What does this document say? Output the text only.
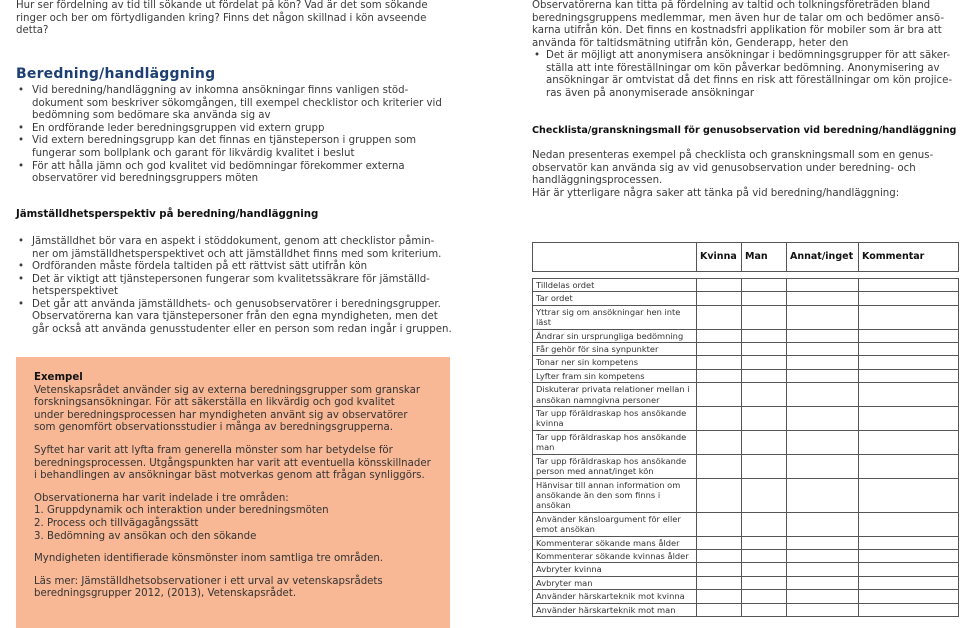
Hur ser fördelning av tid till sökande ut fördelat på kön? Vad är det som sökande

ringer och ber om förtydliganden kring? Finns det någon skillnad i kön avseende

detta?

Beredning/handläggning
• Vid beredning/handläggning av inkomna ansökningar finns vanligen stöd-
dokument som beskriver sökomgången, till exempel checklistor och kriterier vid
bedömning som bedömare ska använda sig av
• En ordförande leder beredningsgruppen vid extern grupp
• Vid extern beredningsgrupp kan det finnas en tjänsteperson i gruppen som
fungerar som bollplank och garant för likvärdig kvalitet i beslut
• För att hålla jämn och god kvalitet vid bedömningar förekommer externa
observatörer vid beredningsgruppers möten
Jämställdhetsperspektiv på beredning/handläggning
• Jämställdhet bör vara en aspekt i stöddokument, genom att checklistor påmin-
ner om jämställdhetsperspektivet och att jämställdhet finns med som kriterium.
• Ordföranden måste fördela taltiden på ett rättvist sätt utifrån kön
• Det är viktigt att tjänstepersonen fungerar som kvalitetssäkrare för jämställd-
hetsperspektivet
• Det går att använda jämställdhets- och genusobservatörer i beredningsgrupper.

Observatörerna kan vara tjänstepersoner från den egna myndigheten, men det

går också att använda genusstudenter eller en person som redan ingår i gruppen.

Exempel

Vetenskapsrådet använder sig av externa beredningsgrupper som granskar

forskningsansökningar. För att säkerställa en likvärdig och god kvalitet

under beredningsprocessen har myndigheten använt sig av observatörer

som genomfört observationsstudier i många av beredningsgrupperna.

Syftet har varit att lyfta fram generella mönster som har betydelse för

beredningsprocessen. Utgångspunkten har varit att eventuella könsskillnader

i behandlingen av ansökningar bäst motverkas genom att frågan synliggörs.

Observationerna har varit indelade i tre områden:

1. Gruppdynamik och interaktion under beredningsmöten

2. Process och tillvägagångssätt

3. Bedömning av ansökan och den sökande

Myndigheten identifierade könsmönster inom samtliga tre områden.

Läs mer: Jämställdhetsobservationer i ett urval av vetenskapsrådets

beredningsgrupper 2012, (2013), Vetenskapsrådet.

Observatörerna kan titta på fördelning av taltid och tolkningsföreträden bland

beredningsgruppens medlemmar, men även hur de talar om och bedömer ansö-

karna utifrån kön. Det finns en kostnadsfri applikation för mobiler som är bra att

använda för taltidsmätning utifrån kön, Genderapp, heter den

• Det är möjligt att anonymisera ansökningar i bedömningsgrupper för att säker-
ställa att inte föreställningar om kön påverkar bedömning. Anonymisering av
ansökningar är omtvistat då det finns en risk att föreställningar om kön projice-
ras även på anonymiserade ansökningar
Checklista/granskningsmall för genusobservation vid beredning/handläggning

Nedan presenteras exempel på checklista och granskningsmall som en genus-

observatör kan använda sig av vid genusobservation under beredning- och

handläggningsprocessen.

Här är ytterligare några saker att tänka på vid beredning/handläggning:

	Kvinna	Man	Annat/inget	Kommentar

Tilldelas ordet				
Tar ordet				
Yttrar sig om ansökningar hen inte läst				
Ändrar sin ursprungliga bedömning				
Får gehör för sina synpunkter				
Tonar ner sin kompetens				
Lyfter fram sin kompetens				
Diskuterar privata relationer mellan i ansökan namngivna personer				
Tar upp föräldraskap hos ansökande kvinna				
Tar upp föräldraskap hos ansökande man				
Tar upp föräldraskap hos ansökande person med annat/inget kön				
Hänvisar till annan information om ansökande än den som finns i ansökan				
Använder känsloargument för eller emot ansökan				
Kommenterar sökande mans ålder				
Kommenterar sökande kvinnas ålder				
Avbryter kvinna				
Avbryter man				
Använder härskarteknik mot kvinna				
Använder härskarteknik mot man				
